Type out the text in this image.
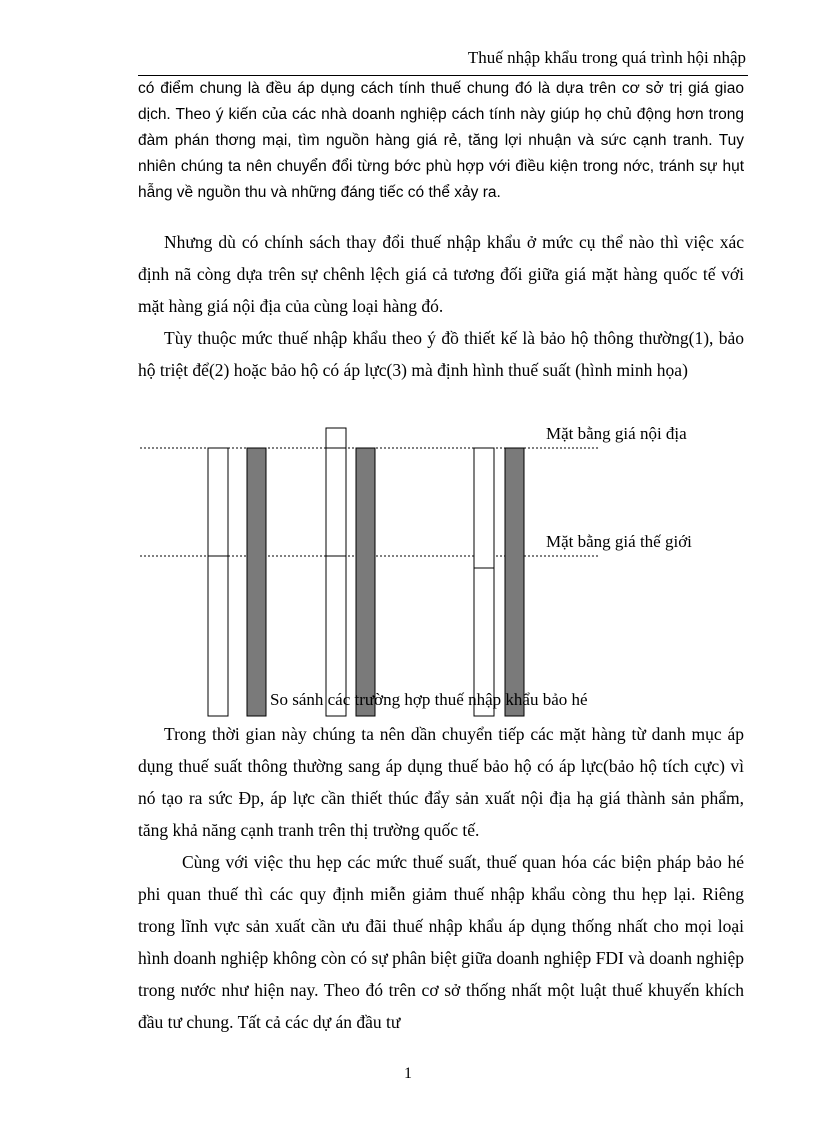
Thuế nhập khẩu trong quá trình hội nhập

có điểm chung là đều áp dụng cách tính thuế chung đó là dựa trên cơ sở trị giá giao dịch. Theo ý kiến của các nhà doanh nghiệp cách tính này giúp họ chủ động hơn trong đàm phán thơng mại, tìm nguồn hàng giá rẻ, tăng lợi nhuận và sức cạnh tranh. Tuy nhiên chúng ta nên chuyển đổi từng bớc phù hợp với điều kiện trong nớc, tránh sự hụt hẫng về nguồn thu và những đáng tiếc có thể xảy ra.

Nhưng dù có chính sách thay đổi thuế nhập khẩu ở mức cụ thể nào thì việc xác định nã còng dựa trên sự chênh lệch giá cả tương đối giữa giá mặt hàng quốc tế với mặt hàng giá nội địa của cùng loại hàng đó.

Tùy thuộc mức thuế nhập khẩu theo ý đồ thiết kế là bảo hộ thông thường(1), bảo hộ triệt để(2) hoặc bảo hộ có áp lực(3) mà định hình thuế suất (hình minh họa)

Mặt bằng giá nội địa
Mặt bằng giá thế giới
So sánh các trường hợp thuế nhập khẩu bảo hé

Trong thời gian này chúng ta nên dần chuyển tiếp các mặt hàng từ danh mục áp dụng thuế suất thông thường sang áp dụng thuế bảo hộ có áp lực(bảo hộ tích cực) vì nó tạo ra sức Đp, áp lực cần thiết thúc đẩy sản xuất nội địa hạ giá thành sản phẩm, tăng khả năng cạnh tranh trên thị trường quốc tế.

Cùng với việc thu hẹp các mức thuế suất, thuế quan hóa các biện pháp bảo hé phi quan thuế thì các quy định miễn giảm thuế nhập khẩu còng thu hẹp lại. Riêng trong lĩnh vực sản xuất cần ưu đãi thuế nhập khẩu áp dụng thống nhất cho mọi loại hình doanh nghiệp không còn có sự phân biệt giữa doanh nghiệp FDI và doanh nghiệp trong nước như hiện nay. Theo đó trên cơ sở thống nhất một luật thuế khuyến khích đầu tư chung. Tất cả các dự án đầu tư

1
